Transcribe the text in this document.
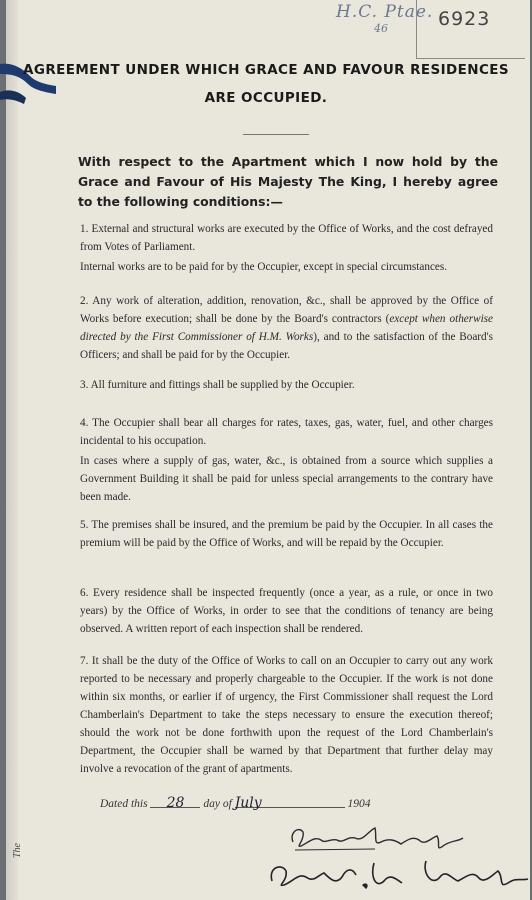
H.C. Ptae.
46	6923
AGREEMENT UNDER WHICH GRACE AND FAVOUR RESIDENCES
ARE OCCUPIED.
With respect to the Apartment which I now hold by the Grace and Favour of His Majesty The King, I hereby agree to the following conditions:—
1. External and structural works are executed by the Office of Works, and the cost defrayed from Votes of Parliament.
Internal works are to be paid for by the Occupier, except in special circumstances.
2. Any work of alteration, addition, renovation, &c., shall be approved by the Office of Works before execution; shall be done by the Board's contractors (except when otherwise directed by the First Commissioner of H.M. Works), and to the satisfaction of the Board's Officers; and shall be paid for by the Occupier.
3. All furniture and fittings shall be supplied by the Occupier.
4. The Occupier shall bear all charges for rates, taxes, gas, water, fuel, and other charges incidental to his occupation.
In cases where a supply of gas, water, &c., is obtained from a source which supplies a Government Building it shall be paid for unless special arrangements to the contrary have been made.
5. The premises shall be insured, and the premium be paid by the Occupier. In all cases the premium will be paid by the Office of Works, and will be repaid by the Occupier.
6. Every residence shall be inspected frequently (once a year, as a rule, or once in two years) by the Office of Works, in order to see that the conditions of tenancy are being observed. A written report of each inspection shall be rendered.
7. It shall be the duty of the Office of Works to call on an Occupier to carry out any work reported to be necessary and properly chargeable to the Occupier. If the work is not done within six months, or earlier if of urgency, the First Commissioner shall request the Lord Chamberlain's Department to take the steps necessary to ensure the execution thereof; should the work not be done forthwith upon the request of the Lord Chamberlain's Department, the Occupier shall be warned by that Department that further delay may involve a revocation of the grant of apartments.
Dated this 28 day of July	1904
The
